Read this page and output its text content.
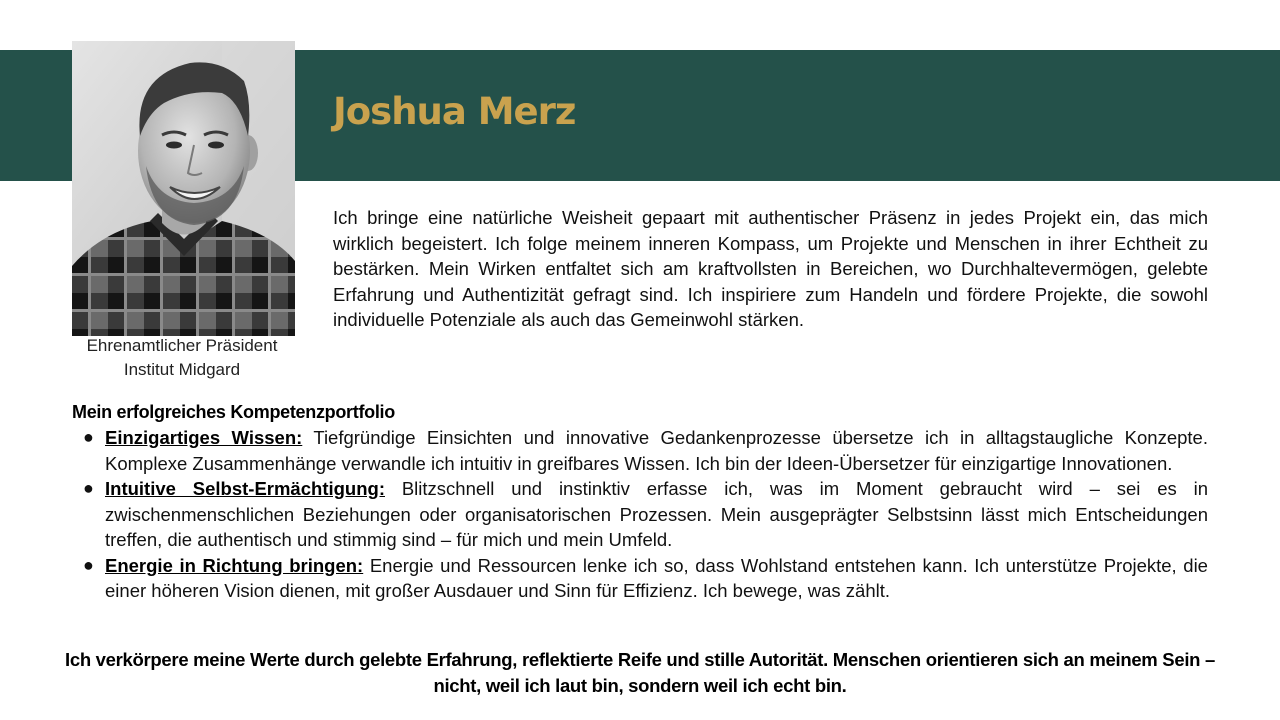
Joshua Merz
Ehrenamtlicher Präsident
Institut Midgard

Ich bringe eine natürliche Weisheit gepaart mit authentischer Präsenz in jedes Projekt ein, das mich wirklich begeistert. Ich folge meinem inneren Kompass, um Projekte und Menschen in ihrer Echtheit zu bestärken. Mein Wirken entfaltet sich am kraftvollsten in Bereichen, wo Durchhaltevermögen, gelebte Erfahrung und Authentizität gefragt sind. Ich inspiriere zum Handeln und fördere Projekte, die sowohl individuelle Potenziale als auch das Gemeinwohl stärken.

Mein erfolgreiches Kompetenzportfolio
● Einzigartiges Wissen: Tiefgründige Einsichten und innovative Gedankenprozesse übersetze ich in alltagstaugliche Konzepte. Komplexe Zusammenhänge verwandle ich intuitiv in greifbares Wissen. Ich bin der Ideen-Übersetzer für einzigartige Innovationen.
● Intuitive Selbst-Ermächtigung: Blitzschnell und instinktiv erfasse ich, was im Moment gebraucht wird – sei es in zwischenmenschlichen Beziehungen oder organisatorischen Prozessen. Mein ausgeprägter Selbstsinn lässt mich Entscheidungen treffen, die authentisch und stimmig sind – für mich und mein Umfeld.
● Energie in Richtung bringen: Energie und Ressourcen lenke ich so, dass Wohlstand entstehen kann. Ich unterstütze Projekte, die einer höheren Vision dienen, mit großer Ausdauer und Sinn für Effizienz. Ich bewege, was zählt.

Ich verkörpere meine Werte durch gelebte Erfahrung, reflektierte Reife und stille Autorität. Menschen orientieren sich an meinem Sein – nicht, weil ich laut bin, sondern weil ich echt bin.
